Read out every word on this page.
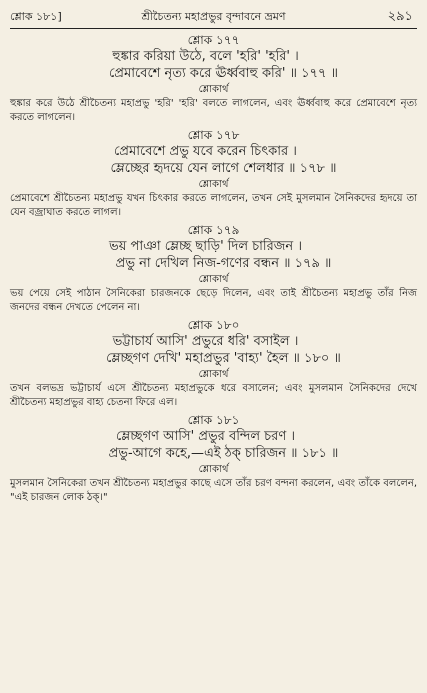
শ্লোক ১৮১]	শ্রীচৈতন্য মহাপ্রভুর বৃন্দাবনে ভ্রমণ	২৯১
শ্লোক ১৭৭
হুঙ্কার করিয়া উঠে, বলে 'হরি' 'হরি' ।
প্রেমাবেশে নৃত্য করে ঊর্ধ্ববাহু করি' ॥ ১৭৭ ॥
শ্লোকার্থ
হুঙ্কার করে উঠে শ্রীচৈতন্য মহাপ্রভু 'হরি' 'হরি' বলতে লাগলেন, এবং ঊর্ধ্ববাহু করে প্রেমাবেশে নৃত্য করতে লাগলেন।
শ্লোক ১৭৮
প্রেমাবেশে প্রভু যবে করেন চিৎকার ।
ম্লেচ্ছের হৃদয়ে যেন লাগে শেলধার ॥ ১৭৮ ॥
শ্লোকার্থ
প্রেমাবেশে শ্রীচৈতন্য মহাপ্রভু যখন চিৎকার করতে লাগলেন, তখন সেই মুসলমান সৈনিকদের হৃদয়ে তা যেন বজ্রাঘাত করতে লাগল।
শ্লোক ১৭৯
ভয় পাঞা ম্লেচ্ছ ছাড়ি' দিল চারিজন ।
প্রভু না দেখিল নিজ-গণের বন্ধন ॥ ১৭৯ ॥
শ্লোকার্থ
ভয় পেয়ে সেই পাঠান সৈনিকেরা চারজনকে ছেড়ে দিলেন, এবং তাই শ্রীচৈতন্য মহাপ্রভু তাঁর নিজ জনদের বন্ধন দেখতে পেলেন না।
শ্লোক ১৮০
ভট্টাচার্য আসি' প্রভুরে ধরি' বসাইল ।
ম্লেচ্ছগণ দেখি' মহাপ্রভুর 'বাহ্য' হৈল ॥ ১৮০ ॥
শ্লোকার্থ
তখন বলভদ্র ভট্টাচার্য এসে শ্রীচৈতন্য মহাপ্রভুকে ধরে বসালেন; এবং মুসলমান সৈনিকদের দেখে শ্রীচৈতন্য মহাপ্রভুর বাহ্য চেতনা ফিরে এল।
শ্লোক ১৮১
ম্লেচ্ছগণ আসি' প্রভুর বন্দিল চরণ ।
প্রভু-আগে কহে,—এই ঠক্ চারিজন ॥ ১৮১ ॥
শ্লোকার্থ
মুসলমান সৈনিকেরা তখন শ্রীচৈতন্য মহাপ্রভুর কাছে এসে তাঁর চরণ বন্দনা করলেন, এবং তাঁকে বললেন, "এই চারজন লোক ঠক্।"
